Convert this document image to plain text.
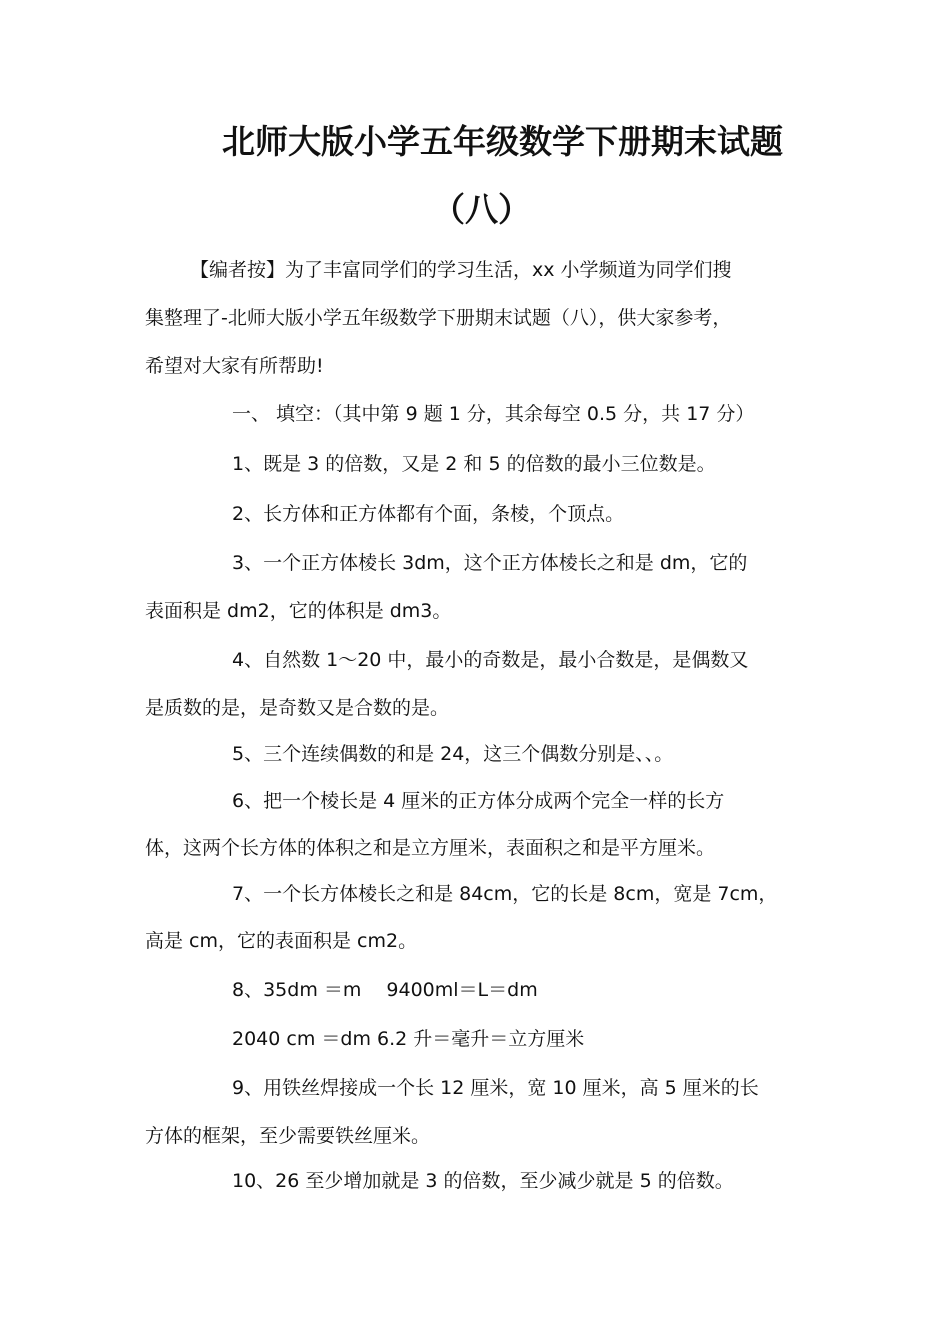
北师大版小学五年级数学下册期末试题
（八）
【编者按】为了丰富同学们的学习生活，xx 小学频道为同学们搜
集整理了-北师大版小学五年级数学下册期末试题（八），供大家参考，
希望对大家有所帮助!
一、 填空：（其中第 9 题 1 分，其余每空 0.5 分，共 17 分）
1、既是 3 的倍数，又是 2 和 5 的倍数的最小三位数是。
2、长方体和正方体都有个面，条棱，个顶点。
3、一个正方体棱长 3dm，这个正方体棱长之和是 dm，它的
表面积是 dm2，它的体积是 dm3。
4、自然数 1～20 中，最小的奇数是，最小合数是，是偶数又
是质数的是，是奇数又是合数的是。
5、三个连续偶数的和是 24，这三个偶数分别是、、。
6、把一个棱长是 4 厘米的正方体分成两个完全一样的长方
体，这两个长方体的体积之和是立方厘米，表面积之和是平方厘米。
7、一个长方体棱长之和是 84cm，它的长是 8cm，宽是 7cm，
高是 cm，它的表面积是 cm2。
8、35dm ＝m　 9400ml＝L＝dm
2040 cm ＝dm 6.2 升＝毫升＝立方厘米
9、用铁丝焊接成一个长 12 厘米，宽 10 厘米，高 5 厘米的长
方体的框架，至少需要铁丝厘米。
10、26 至少增加就是 3 的倍数，至少减少就是 5 的倍数。
